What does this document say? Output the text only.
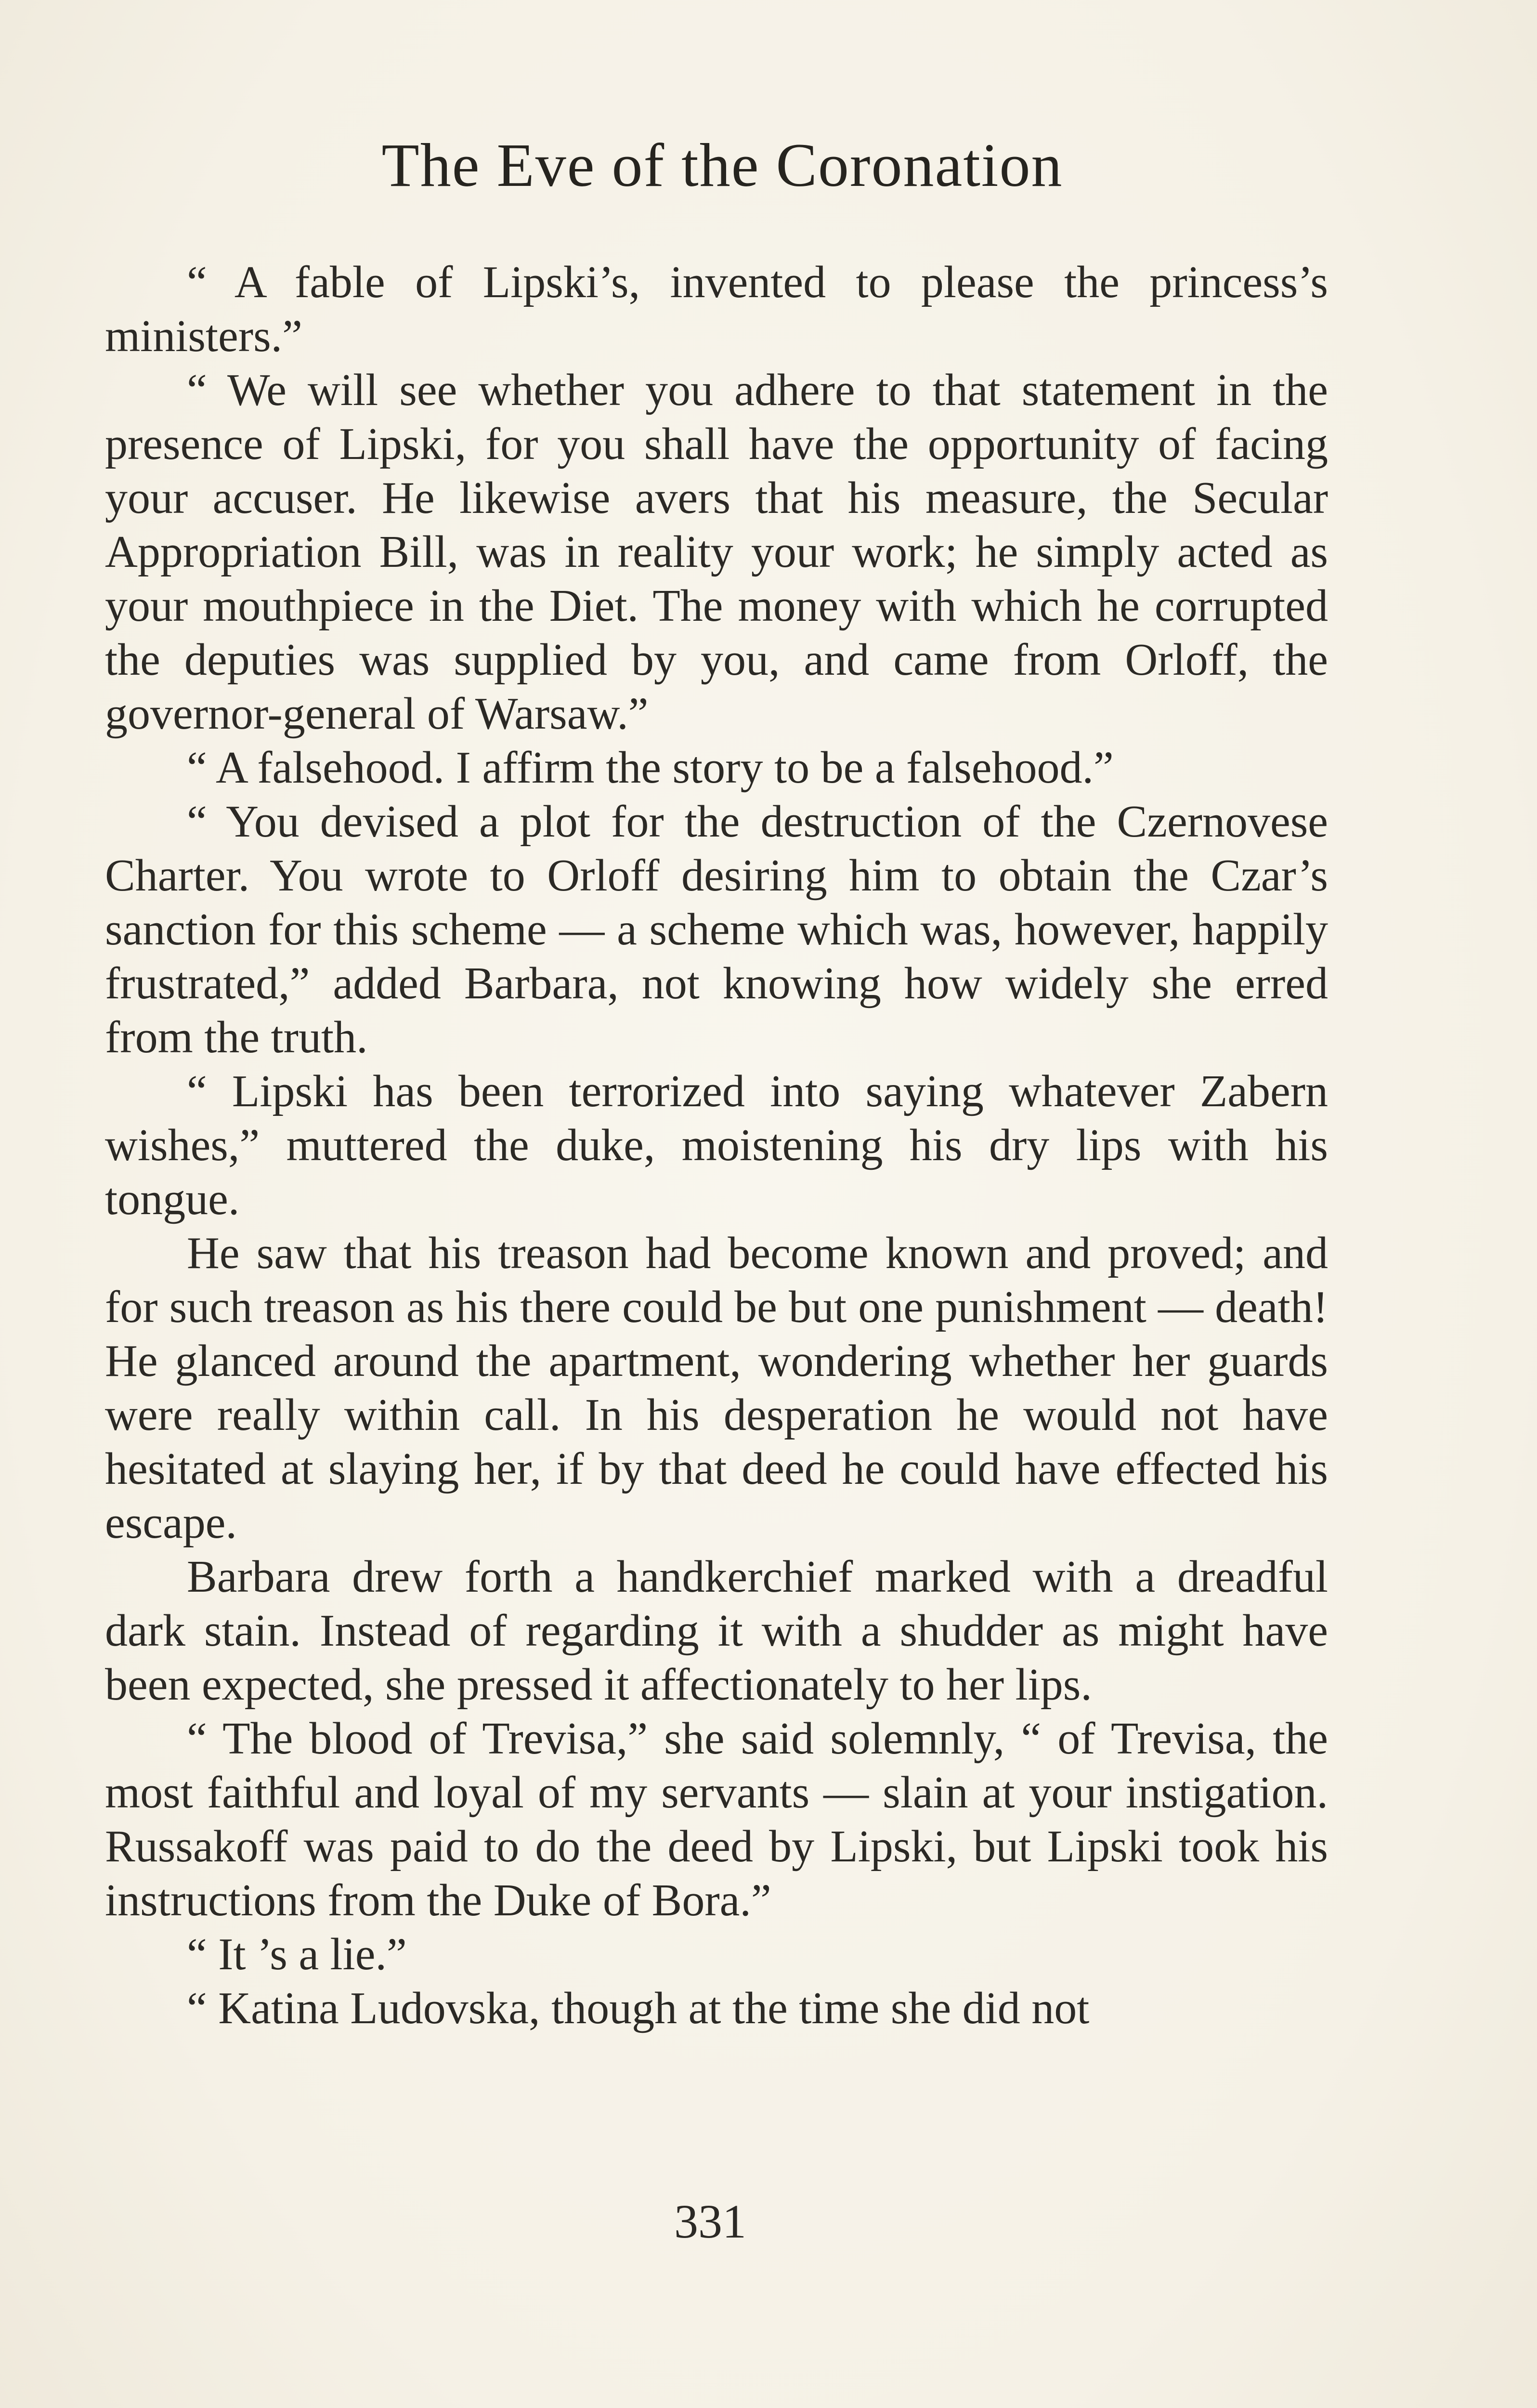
The Eve of the Coronation

“ A fable of Lipski’s, invented to please the princess’s ministers.”

“ We will see whether you adhere to that statement in the presence of Lipski, for you shall have the opportunity of facing your accuser. He likewise avers that his measure, the Secular Appropriation Bill, was in reality your work; he simply acted as your mouthpiece in the Diet. The money with which he corrupted the deputies was supplied by you, and came from Orloff, the governor-general of Warsaw.”

“ A falsehood. I affirm the story to be a falsehood.”

“ You devised a plot for the destruction of the Czernovese Charter. You wrote to Orloff desiring him to obtain the Czar’s sanction for this scheme — a scheme which was, however, happily frustrated,” added Barbara, not knowing how widely she erred from the truth.

“ Lipski has been terrorized into saying whatever Zabern wishes,” muttered the duke, moistening his dry lips with his tongue.

He saw that his treason had become known and proved; and for such treason as his there could be but one punishment — death! He glanced around the apartment, wondering whether her guards were really within call. In his desperation he would not have hesitated at slaying her, if by that deed he could have effected his escape.

Barbara drew forth a handkerchief marked with a dreadful dark stain. Instead of regarding it with a shudder as might have been expected, she pressed it affectionately to her lips.

“ The blood of Trevisa,” she said solemnly, “ of Trevisa, the most faithful and loyal of my servants — slain at your instigation. Russakoff was paid to do the deed by Lipski, but Lipski took his instructions from the Duke of Bora.”

“ It ’s a lie.”

“ Katina Ludovska, though at the time she did not

331
